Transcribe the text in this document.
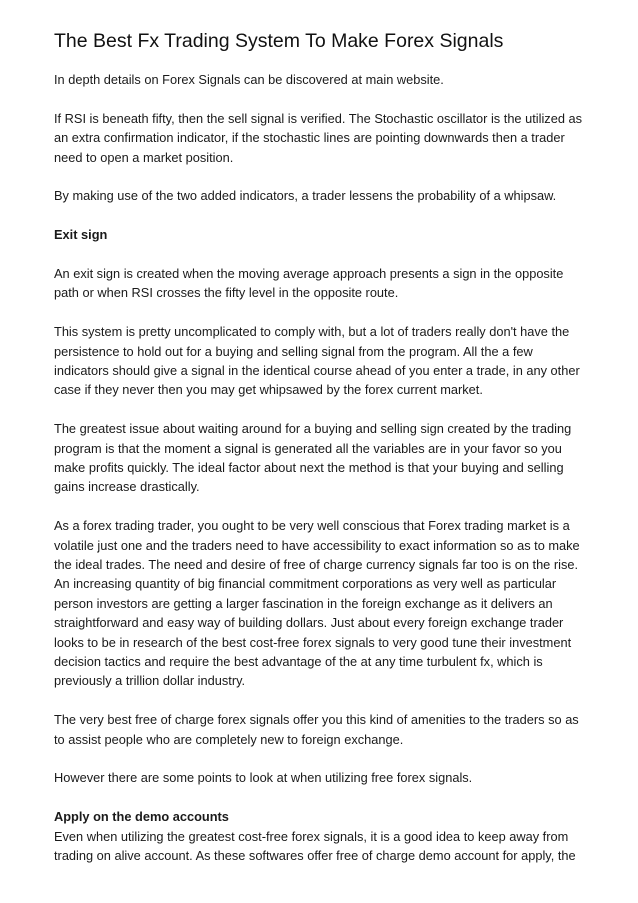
The Best Fx Trading System To Make Forex Signals

In depth details on Forex Signals can be discovered at main website.

If RSI is beneath fifty, then the sell signal is verified. The Stochastic oscillator is the utilized as an extra confirmation indicator, if the stochastic lines are pointing downwards then a trader need to open a market position.

By making use of the two added indicators, a trader lessens the probability of a whipsaw.

Exit sign

An exit sign is created when the moving average approach presents a sign in the opposite path or when RSI crosses the fifty level in the opposite route.

This system is pretty uncomplicated to comply with, but a lot of traders really don't have the persistence to hold out for a buying and selling signal from the program. All the a few indicators should give a signal in the identical course ahead of you enter a trade, in any other case if they never then you may get whipsawed by the forex current market.

The greatest issue about waiting around for a buying and selling sign created by the trading program is that the moment a signal is generated all the variables are in your favor so you make profits quickly. The ideal factor about next the method is that your buying and selling gains increase drastically.

As a forex trading trader, you ought to be very well conscious that Forex trading market is a volatile just one and the traders need to have accessibility to exact information so as to make the ideal trades. The need and desire of free of charge currency signals far too is on the rise. An increasing quantity of big financial commitment corporations as very well as particular person investors are getting a larger fascination in the foreign exchange as it delivers an straightforward and easy way of building dollars. Just about every foreign exchange trader looks to be in research of the best cost-free forex signals to very good tune their investment decision tactics and require the best advantage of the at any time turbulent fx, which is previously a trillion dollar industry.

The very best free of charge forex signals offer you this kind of amenities to the traders so as to assist people who are completely new to foreign exchange.

However there are some points to look at when utilizing free forex signals.

Apply on the demo accounts

Even when utilizing the greatest cost-free forex signals, it is a good idea to keep away from trading on alive account. As these softwares offer free of charge demo account for apply, the
